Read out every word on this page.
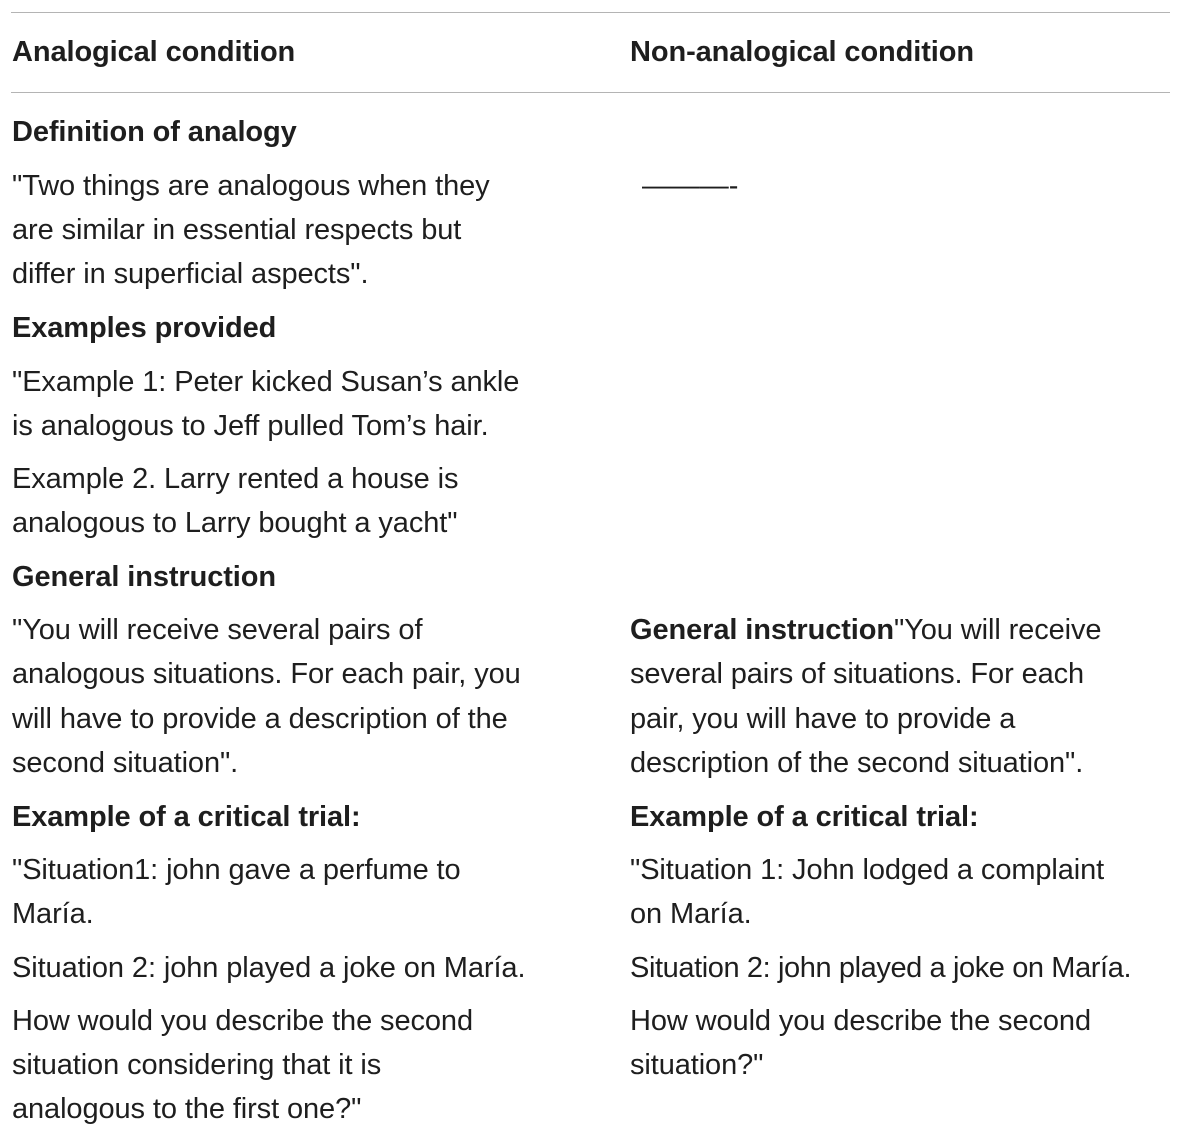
Analogical condition	Non-analogical condition
Definition of analogy
"Two things are analogous when they
are similar in essential respects but
differ in superficial aspects".
Examples provided
"Example 1: Peter kicked Susan’s ankle
is analogous to Jeff pulled Tom’s hair.
Example 2. Larry rented a house is
analogous to Larry bought a yacht"
General instruction
"You will receive several pairs of
analogous situations. For each pair, you
will have to provide a description of the
second situation".
Example of a critical trial:
"Situation1: john gave a perfume to
María.
Situation 2: john played a joke on María.
How would you describe the second
situation considering that it is
analogous to the first one?"
———-
General instruction"You will receive
several pairs of situations. For each
pair, you will have to provide a
description of the second situation".
Example of a critical trial:
"Situation 1: John lodged a complaint
on María.
Situation 2: john played a joke on María.
How would you describe the second
situation?"
